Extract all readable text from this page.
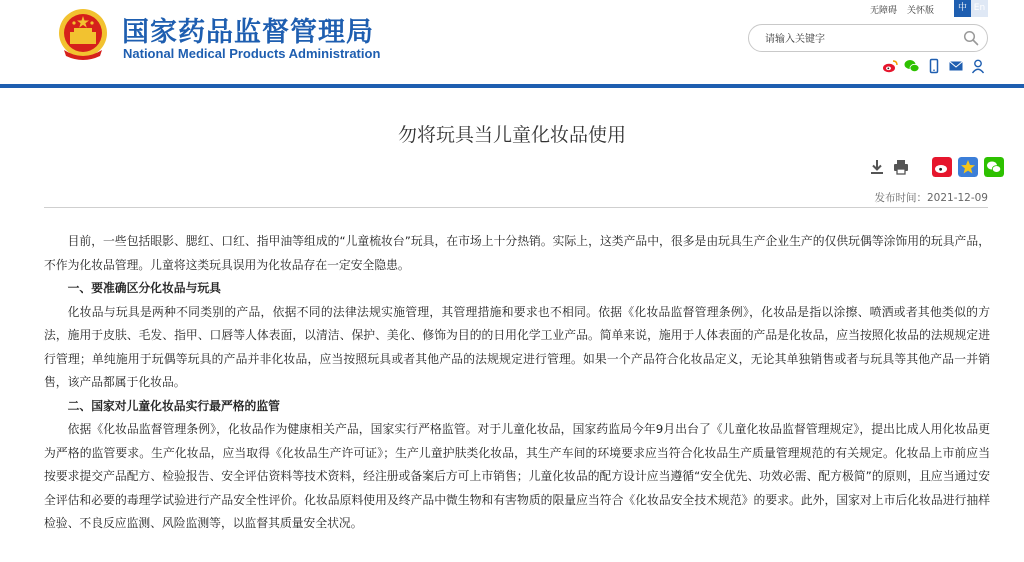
国家药品监督管理局
National Medical Products Administration
无障碍 关怀版	中 En
请输入关键字
勿将玩具当儿童化妆品使用
发布时间：2021-12-09

目前，一些包括眼影、腮红、口红、指甲油等组成的“儿童梳妆台”玩具，在市场上十分热销。实际上，这类产品中，很多是由玩具生产企业生产的仅供玩偶等涂饰用的玩具产品，不作为化妆品管理。儿童将这类玩具误用为化妆品存在一定安全隐患。

一、要准确区分化妆品与玩具

化妆品与玩具是两种不同类别的产品，依据不同的法律法规实施管理，其管理措施和要求也不相同。依据《化妆品监督管理条例》，化妆品是指以涂擦、喷洒或者其他类似的方法，施用于皮肤、毛发、指甲、口唇等人体表面，以清洁、保护、美化、修饰为目的的日用化学工业产品。简单来说，施用于人体表面的产品是化妆品，应当按照化妆品的法规规定进行管理；单纯施用于玩偶等玩具的产品并非化妆品，应当按照玩具或者其他产品的法规规定进行管理。如果一个产品符合化妆品定义，无论其单独销售或者与玩具等其他产品一并销售，该产品都属于化妆品。

二、国家对儿童化妆品实行最严格的监管

依据《化妆品监督管理条例》，化妆品作为健康相关产品，国家实行严格监管。对于儿童化妆品，国家药监局今年9月出台了《儿童化妆品监督管理规定》，提出比成人用化妆品更为严格的监管要求。生产化妆品，应当取得《化妆品生产许可证》；生产儿童护肤类化妆品，其生产车间的环境要求应当符合化妆品生产质量管理规范的有关规定。化妆品上市前应当按要求提交产品配方、检验报告、安全评估资料等技术资料，经注册或备案后方可上市销售；儿童化妆品的配方设计应当遵循“安全优先、功效必需、配方极简”的原则，且应当通过安全评估和必要的毒理学试验进行产品安全性评价。化妆品原料使用及终产品中微生物和有害物质的限量应当符合《化妆品安全技术规范》的要求。此外，国家对上市后化妆品进行抽样检验、不良反应监测、风险监测等，以监督其质量安全状况。
